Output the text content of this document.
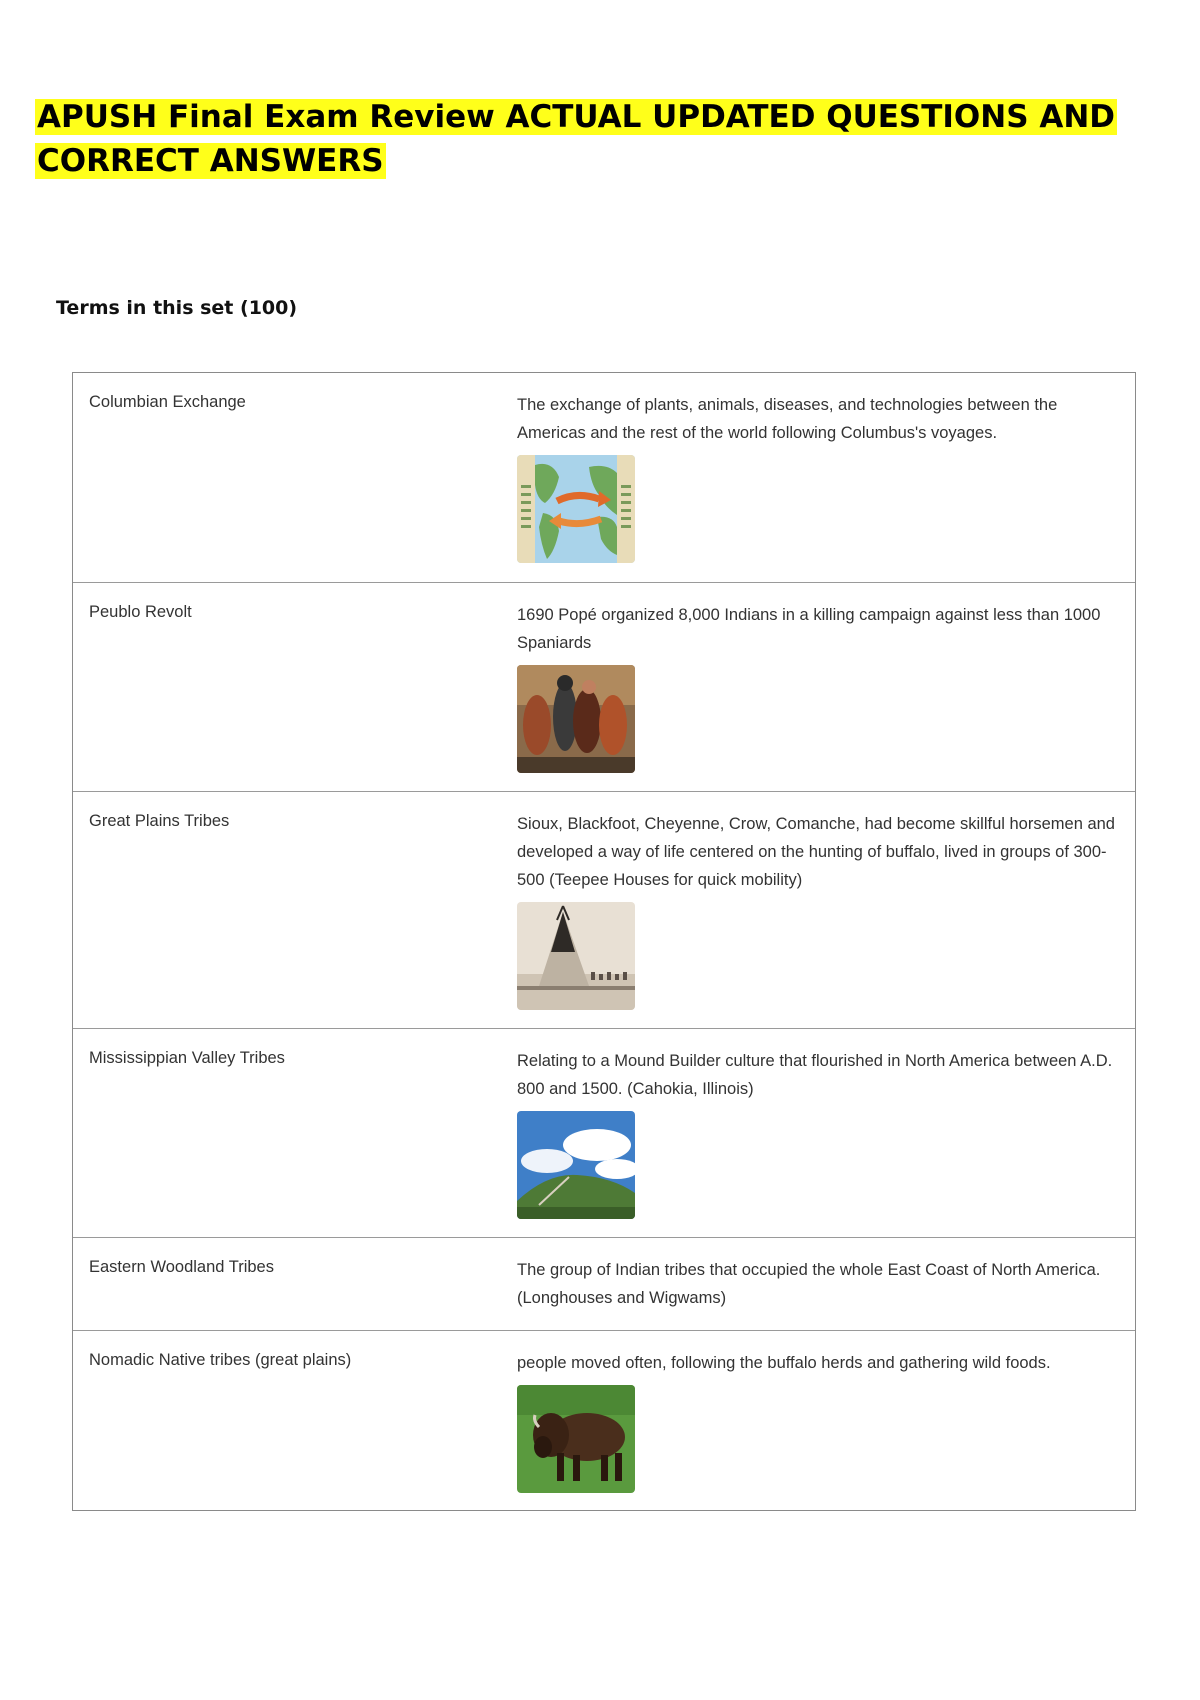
APUSH Final Exam Review ACTUAL UPDATED QUESTIONS AND CORRECT ANSWERS
Terms in this set (100)
Columbian Exchange	The exchange of plants, animals, diseases, and technologies between the Americas and the rest of the world following Columbus's voyages.
Peublo Revolt	1690 Popé organized 8,000 Indians in a killing campaign against less than 1000 Spaniards
Great Plains Tribes	Sioux, Blackfoot, Cheyenne, Crow, Comanche, had become skillful horsemen and developed a way of life centered on the hunting of buffalo, lived in groups of 300-500 (Teepee Houses for quick mobility)
Mississippian Valley Tribes	Relating to a Mound Builder culture that flourished in North America between A.D. 800 and 1500. (Cahokia, Illinois)
Eastern Woodland Tribes	The group of Indian tribes that occupied the whole East Coast of North America. (Longhouses and Wigwams)
Nomadic Native tribes (great plains)	people moved often, following the buffalo herds and gathering wild foods.
